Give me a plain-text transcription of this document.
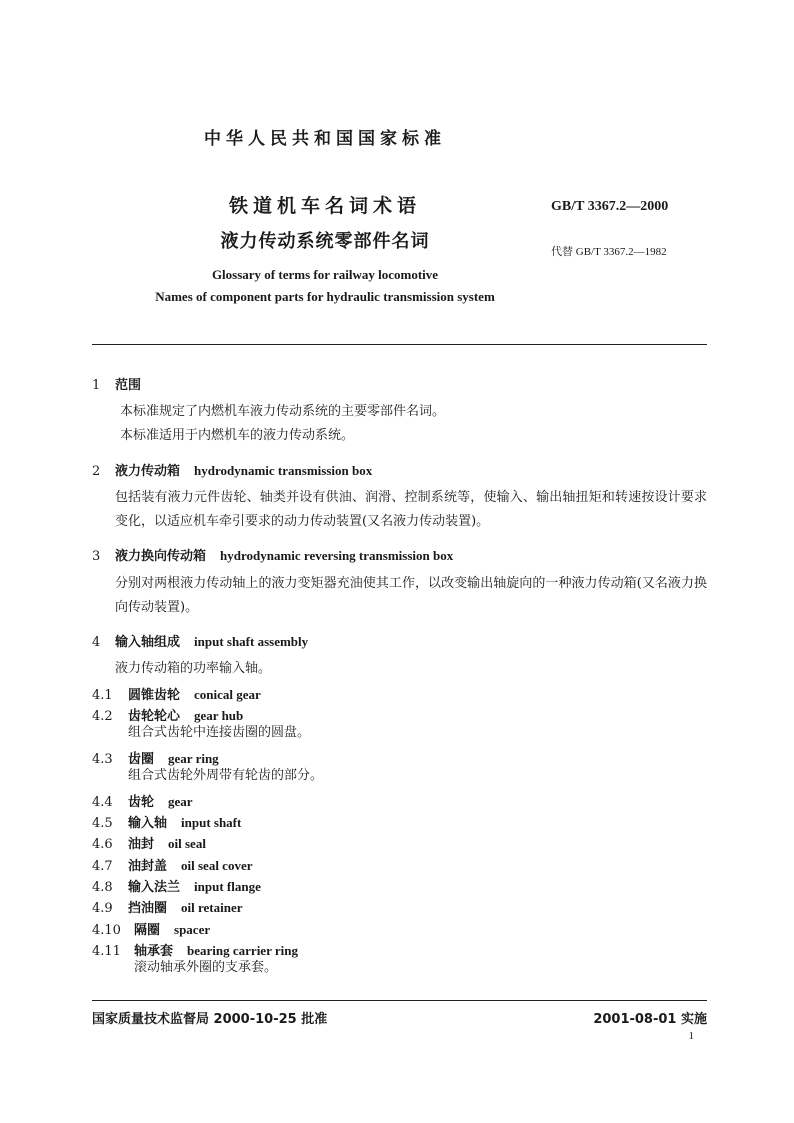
中华人民共和国国家标准
铁道机车名词术语
液力传动系统零部件名词
GB/T 3367.2—2000
代替 GB/T 3367.2—1982
Glossary of terms for railway locomotive
Names of component parts for hydraulic transmission system
1 范围
本标准规定了内燃机车液力传动系统的主要零部件名词。
本标准适用于内燃机车的液力传动系统。
2 液力传动箱 hydrodynamic transmission box
包括装有液力元件齿轮、轴类并设有供油、润滑、控制系统等，使输入、输出轴扭矩和转速按设计要求变化，以适应机车牵引要求的动力传动装置(又名液力传动装置)。
3 液力换向传动箱 hydrodynamic reversing transmission box
分别对两根液力传动轴上的液力变矩器充油使其工作，以改变输出轴旋向的一种液力传动箱(又名液力换向传动装置)。
4 输入轴组成 input shaft assembly
液力传动箱的功率输入轴。
4.1 圆锥齿轮 conical gear
4.2 齿轮轮心 gear hub
组合式齿轮中连接齿圈的圆盘。
4.3 齿圈 gear ring
组合式齿轮外周带有轮齿的部分。
4.4 齿轮 gear
4.5 输入轴 input shaft
4.6 油封 oil seal
4.7 油封盖 oil seal cover
4.8 输入法兰 input flange
4.9 挡油圈 oil retainer
4.10 隔圈 spacer
4.11 轴承套 bearing carrier ring
滚动轴承外圈的支承套。
国家质量技术监督局 2000-10-25 批准	2001-08-01 实施
1
